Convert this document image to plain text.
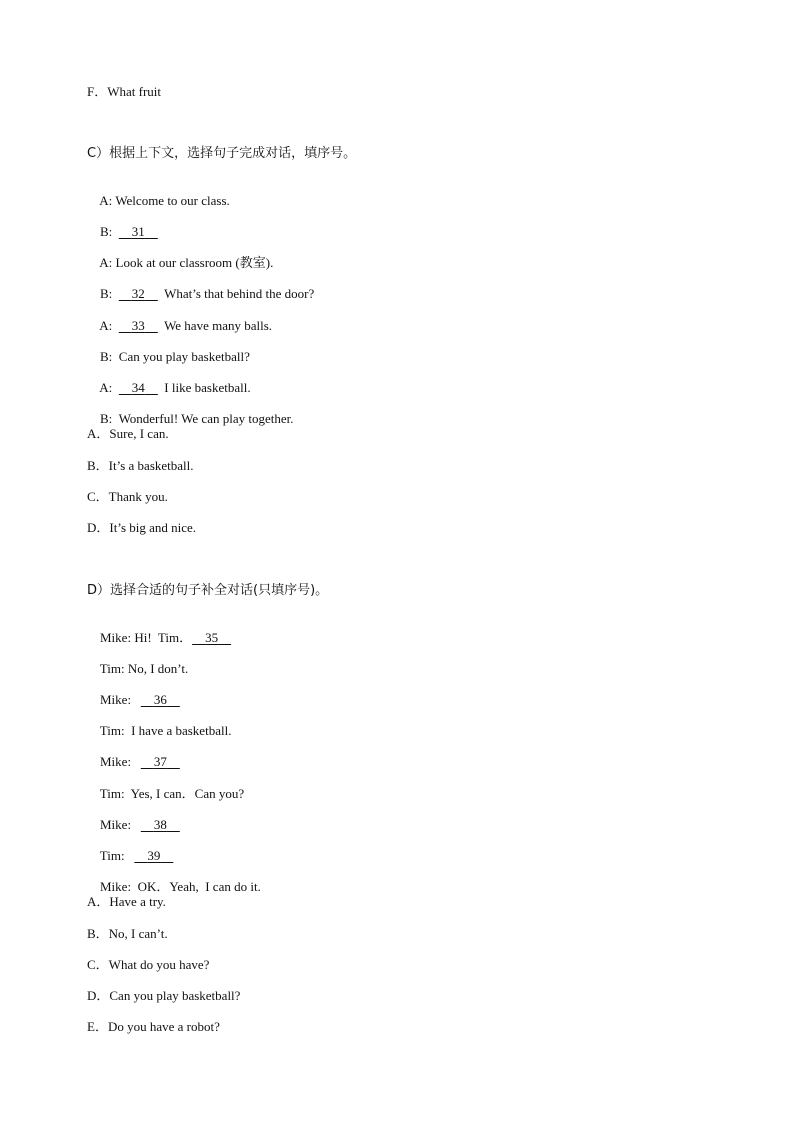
F．What fruit
C）根据上下文，选择句子完成对话，填序号。

A: Welcome to our class.

B: 31

A: Look at our classroom (教室).

B: 32 What’s that behind the door?

A: 33 We have many balls.

B: Can you play basketball?

A: 34 I like basketball.

B: Wonderful! We can play together.

A．Sure, I can.
B．It’s a basketball.
C．Thank you.
D．It’s big and nice.
D）选择合适的句子补全对话(只填序号)。

Mike: Hi!  Tim． 35

Tim: No, I don’t.

Mike: 36

Tim: I have a basketball.

Mike: 37

Tim: Yes, I can．Can you?

Mike: 38

Tim: 39

Mike: OK．Yeah,  I can do it.

A．Have a try.
B．No, I can’t.
C．What do you have?
D．Can you play basketball?
E．Do you have a robot?
